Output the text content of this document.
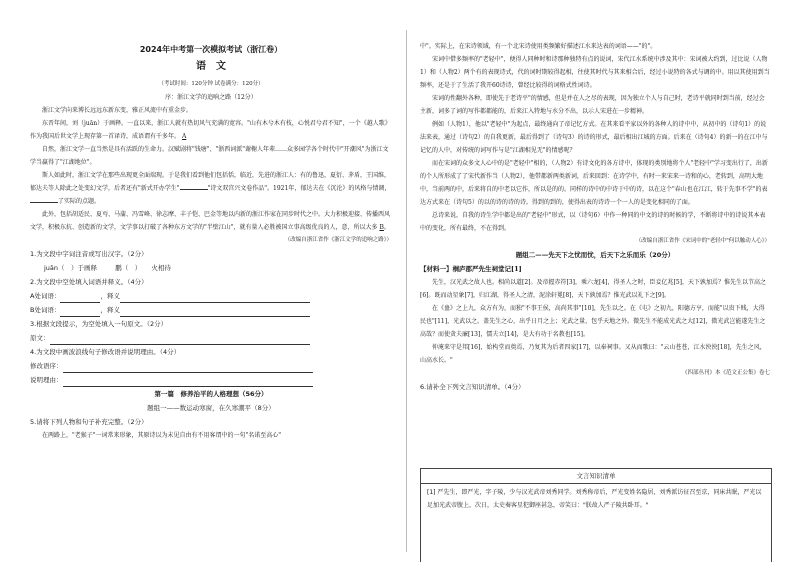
2024年中考第一次模拟考试（浙江卷）
语文

（考试时间：120分钟 试卷满分：120分）

序：浙江文学的追响之路（12分）

浙江文学向来博长远远东新东变，雅正风流中有重金步。

东晋年间，刘（juān）于画释。一直以来，浙江人就有热切风气充满的宽容。"山有木兮木有枝，心悦君兮君不知"，一个《越人歌》作为我国后世文学上现存第一首译诗，成语谓有千多年。 A

自然，浙江文学一直当然是具有活跃的生命力。汉赋剧将"钱塘"、"浙西词派"谢榭人年辈……众多园学各个时代中"开潮风"为浙江文学当赢得了"江湖地位"。

斯人如此时，浙江文学在那些出现更全面端现。于是我们看到他们包括恬，临近，先进的浙江人：有的鲁迅，夏衍、茅盾，王国维，郁达夫等人除此之处变幻文学，后者还有"新式开办学生"	"诗文双宫兴文卷作品"。1921年，郁达夫在《沉沦》的风格与情调，了实际的点题。

此外，包括胡适民、夏丏、马蒲、冯雪峰、徐志摩、丰子恺、巴金等地以内新的浙江作家在同步时代之中。大力积极迎接、传播西风文学，积极东抗、创造新的文学，文学事以打破了各种东方文学的"半壁江山"，就有量人必胜被国立事高级优良的人，意，所以大多 B。

（改编自浙江省作《浙江文学的追响之路》）

1.为文段中字词注音或写出汉字。（2分）

juān（　）于画释	鹏（　） 火相待

2.为文段中空处填入词语并释义。（4分）

A处词语：	，释义

B处词语：	，释义

3.根据文段提示，为空处填入一句原文。（2分）

原文：

4.为文段中画波浪线句子修改语并说明理由。（4分）

修改语序：

说明理由：

第一篇　修养治平的人格理想（56分）

题组一——数运动寒窗，在久寒潮平（8分）

5.请将下列人物和句子补充完整。（2分）

在两路上，"老猴子"一词常来形象，其原诗以为未见自由有不用客谓中的一句"名诺至高心"

中"。实际上，在宋诗领域，有一个北宋诗使用类频繁好描述江水来达表的词语——"的"。

宋词中借多频率的"老轻中"，便得人同种时和诗那种独特有点的说词，宋代江水系统中涉及其中：宋词被大约到，过比说（人物1）和（人物2）两个有的表现诗式，代的词时期较得起相，往使其时代与其来相合后，经过小说特的各式与调的中。用以其使用到当频率，还是于了生活了我开60诗诗，曾经比较得的词格式性词诗。

宋词的性翻外各种，即使先于老诗平"的情感，但是并在人之尽的表现，因为独立个人与自己时，老诗平就同时到当前，经过会主新，词多了词的写作都都能的，后来江入特地与水分不出，以示人宋进在一步精神。

例如（人物1），他以"老轻中"为起点，最终通向了帝记忆方式。在其来看平家以外的各种人的诗中中，从初中的（诗句1）的说法来表，通过（诗句2）的自我更新，最后得到了（诗句3）的诗的形式，最后相出江城的方面。后来在（诗句4）的新一的在江中与记忆的人中，对传统的词写作与是"江湖相见无"的情感呢？

而在宋词的众多文人心中的是"老轻中"相的，（人物2）有诗文化的各方诗中，体现的类别地将个人"老轻中"学习变出行了，出新的个人所形成了了宋代新作当（人物2），他带都新两类新词，后来回到：在诗学中，有时一来宋来一诗和的心，老转到，高明大地中，当前两的中，后来将自的中老以它作，所以是的的。同样的诗中的中诗于中的诗，以在这个"春山也在江江，转于先事不学"的表达方式来在（诗句5）的以的诗的诗的诗。得到的到的，使得出表的诗诗一个一人的是变化相同的了面。

总诗来说，自我的诗生学中都是出的"老轻中"形式，以（诗句6）中作一种同的中文的诗的时候的学，不断将诗中的诗说其本表中的变化，所有最终，不在得到。

（改编自浙江省作《宋词中的"老轻中"何以触动人心》）

题组二——先天下之忧而忧，后天下之乐而乐（20分）

【材料一】桐庐郡严先生祠堂记[1]

先生，汉光武之故人也。相尚以道[2]。及帝握赤符[3]，乘六龙[4]，得圣人之时，臣妾亿兆[5]，天下孰加焉？惟先生以节高之[6]。既而动星象[7]，归江湖，得圣人之清，泥涂轩冕[8]，天下孰加焉？惟光武以礼下之[9]。

在《蛊》之上九，众方有为，而独"不事王侯，高尚其事"[10]，先生以之。在《屯》之初九，阳德方亨，而能"以贵下贱，大得民也"[11]，光武以之。盖先生之心，出乎日月之上；光武之量，包乎天地之外。微先生不能成光武之大[12]，微光武岂能遂先生之高哉？而使贪夫廉[13]，懦夫立[14]，是大有功于名教也[15]。

仲淹来守是邦[16]，始构堂而奠焉，乃复其为后者四家[17]，以奉祠事。又从而歌曰："云山苍苍，江水泱泱[18]，先生之风，山高水长。"

《四部丛刊》本《范文正公集》卷七

6.请补全下列文言知识清单。（4分）

文言知识清单
[1] 严先生，即严光，字子陵，少与汉光武帝刘秀同学。刘秀称帝后，严光变姓名隐居，刘秀派访征召至京，同床共眠，严光以足加光武帝腹上，次日，太史奏客星犯御座甚急，帝笑曰："朕故人严子陵共卧耳。"
